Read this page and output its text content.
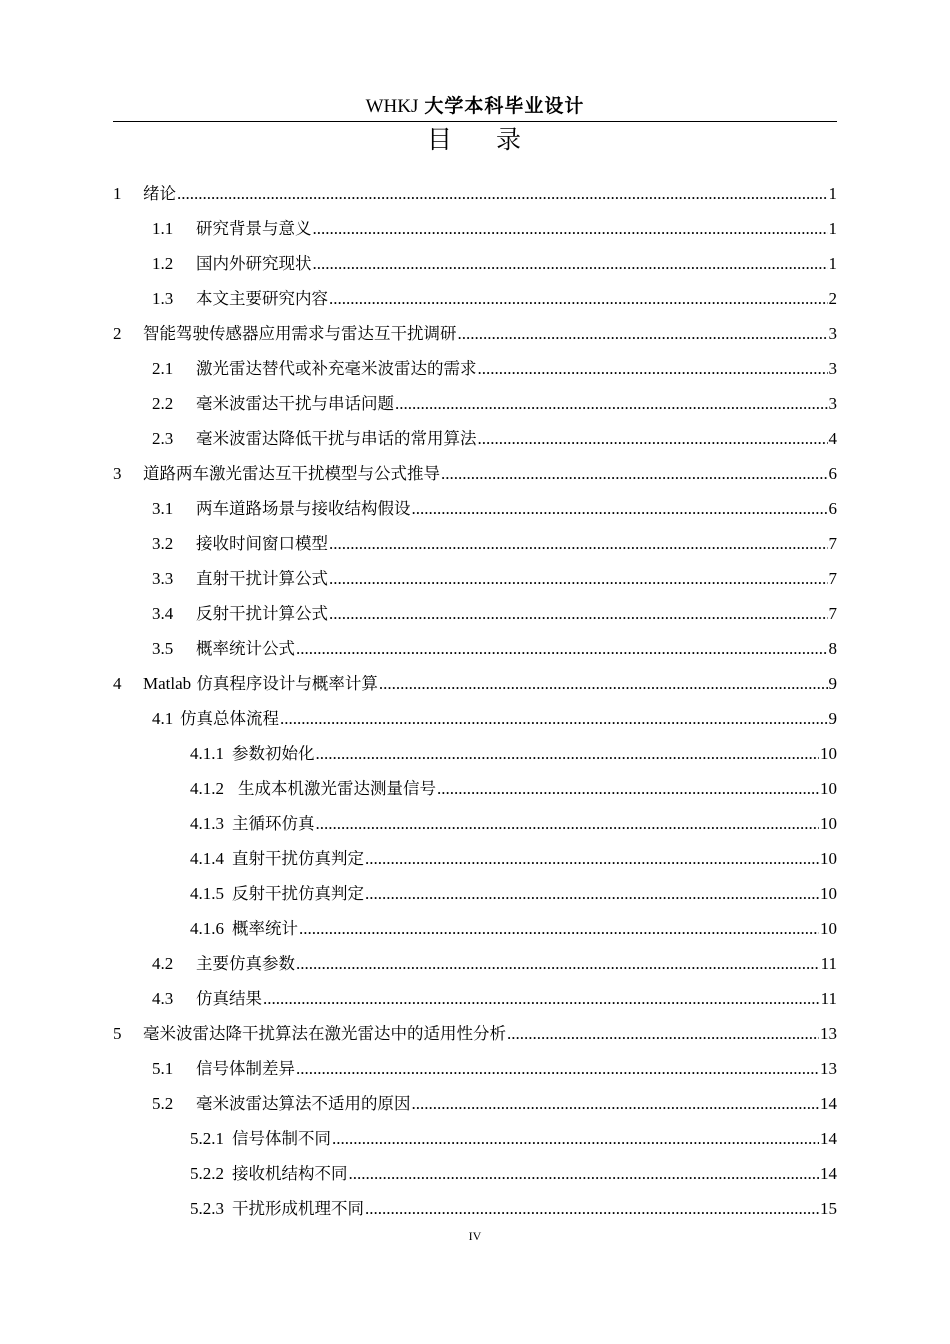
WHKJ 大学本科毕业设计
目 录
1	绪论 .....	1
1.1	研究背景与意义 .....	1
1.2	国内外研究现状 .....	1
1.3	本文主要研究内容 .....	2
2	智能驾驶传感器应用需求与雷达互干扰调研 .....	3
2.1	激光雷达替代或补充毫米波雷达的需求 .....	3
2.2	毫米波雷达干扰与串话问题 .....	3
2.3	毫米波雷达降低干扰与串话的常用算法 .....	4
3	道路两车激光雷达互干扰模型与公式推导 .....	6
3.1	两车道路场景与接收结构假设 .....	6
3.2	接收时间窗口模型 .....	7
3.3	直射干扰计算公式 .....	7
3.4	反射干扰计算公式 .....	7
3.5	概率统计公式 .....	8
4	Matlab 仿真程序设计与概率计算 .....	9
4.1 仿真总体流程 .....	9
4.1.1 参数初始化 .....	10
4.1.2 生成本机激光雷达测量信号 .....	10
4.1.3 主循环仿真 .....	10
4.1.4 直射干扰仿真判定 .....	10
4.1.5 反射干扰仿真判定 .....	10
4.1.6 概率统计 .....	10
4.2	主要仿真参数 .....	11
4.3	仿真结果 .....	11
5	毫米波雷达降干扰算法在激光雷达中的适用性分析 .....	13
5.1	信号体制差异 .....	13
5.2	毫米波雷达算法不适用的原因 .....	14
5.2.1 信号体制不同 .....	14
5.2.2 接收机结构不同 .....	14
5.2.3 干扰形成机理不同 .....	15
IV
